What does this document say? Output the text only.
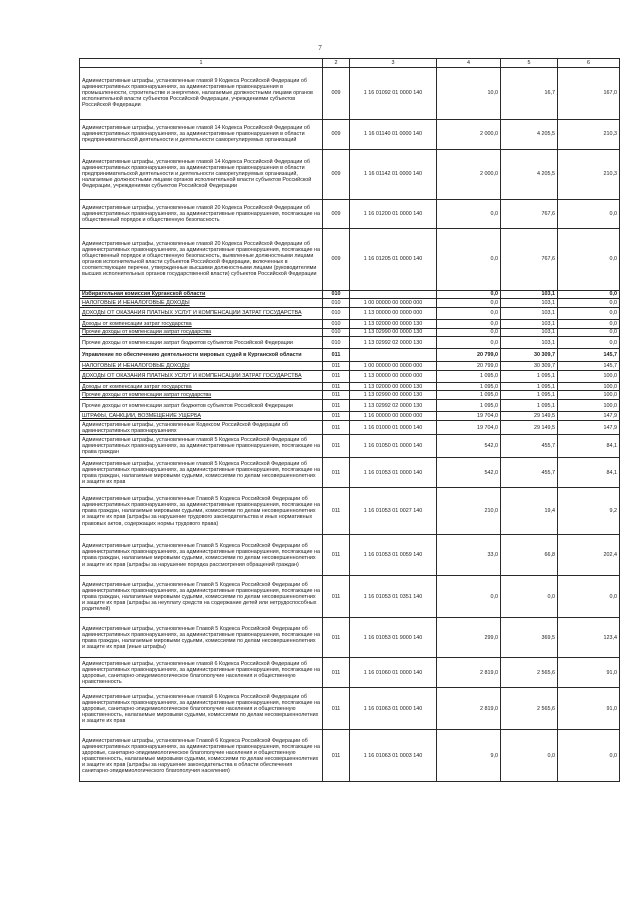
7
1	2	3	4	5	6
Административные штрафы, установленные главой 9 Кодекса Российской Федерации об административных правонарушениях, за административные правонарушения в промышленности, строительстве и энергетике, налагаемые должностными лицами органов исполнительной власти субъектов Российской Федерации, учреждениями субъектов Российской Федерации	009	1 16 01092 01 0000 140	10,0	16,7	167,0
Административные штрафы, установленные главой 14 Кодекса Российской Федерации об административных правонарушениях, за административные правонарушения в области предпринимательской деятельности и деятельности саморегулируемых организаций	009	1 16 01140 01 0000 140	2 000,0	4 205,5	210,3
Административные штрафы, установленные главой 14 Кодекса Российской Федерации об административных правонарушениях, за административные правонарушения в области предпринимательской деятельности и деятельности саморегулируемых организаций, налагаемые должностными лицами органов исполнительной власти субъектов Российской Федерации, учреждениями субъектов Российской Федерации	009	1 16 01142 01 0000 140	2 000,0	4 205,5	210,3
Административные штрафы, установленные главой 20 Кодекса Российской Федерации об административных правонарушениях, за административные правонарушения, посягающие на общественный порядок и общественную безопасность	009	1 16 01200 01 0000 140	0,0	767,6	0,0
Административные штрафы, установленные главой 20 Кодекса Российской Федерации об административных правонарушениях, за административные правонарушения, посягающие на общественный порядок и общественную безопасность, выявленные должностными лицами органов исполнительной власти субъектов Российской Федерации, включенных в соответствующие перечни, утвержденные высшими должностными лицами (руководителями высших исполнительных органов государственной власти) субъектов Российской Федерации	009	1 16 01205 01 0000 140	0,0	767,6	0,0
Избирательная комиссия Курганской области	010		0,0	103,1	0,0
НАЛОГОВЫЕ И НЕНАЛОГОВЫЕ ДОХОДЫ	010	1 00 00000 00 0000 000	0,0	103,1	0,0
ДОХОДЫ ОТ ОКАЗАНИЯ ПЛАТНЫХ УСЛУГ И КОМПЕНСАЦИИ ЗАТРАТ ГОСУДАРСТВА	010	1 13 00000 00 0000 000	0,0	103,1	0,0
Доходы от компенсации затрат государства	010	1 13 02000 00 0000 130	0,0	103,1	0,0
Прочие доходы от компенсации затрат государства	010	1 13 02990 00 0000 130	0,0	103,1	0,0
Прочие доходы от компенсации затрат бюджетов субъектов Российской Федерации	010	1 13 02992 02 0000 130	0,0	103,1	0,0
Управление по обеспечению деятельности мировых судей в Курганской области	011		20 799,0	30 309,7	145,7
НАЛОГОВЫЕ И НЕНАЛОГОВЫЕ ДОХОДЫ	011	1 00 00000 00 0000 000	20 799,0	30 309,7	145,7
ДОХОДЫ ОТ ОКАЗАНИЯ ПЛАТНЫХ УСЛУГ И КОМПЕНСАЦИИ ЗАТРАТ ГОСУДАРСТВА	011	1 13 00000 00 0000 000	1 095,0	1 095,1	100,0
Доходы от компенсации затрат государства	011	1 13 02000 00 0000 130	1 095,0	1 095,1	100,0
Прочие доходы от компенсации затрат государства	011	1 13 02990 00 0000 130	1 095,0	1 095,1	100,0
Прочие доходы от компенсации затрат бюджетов субъектов Российской Федерации	011	1 13 02992 02 0000 130	1 095,0	1 095,1	100,0
ШТРАФЫ, САНКЦИИ, ВОЗМЕЩЕНИЕ УЩЕРБА	011	1 16 00000 00 0000 000	19 704,0	29 149,5	147,9
Административные штрафы, установленные Кодексом Российской Федерации об административных правонарушениях	011	1 16 01000 01 0000 140	19 704,0	29 149,5	147,9
Административные штрафы, установленные главой 5 Кодекса Российской Федерации об административных правонарушениях, за административные правонарушения, посягающие на права граждан	011	1 16 01050 01 0000 140	542,0	455,7	84,1
Административные штрафы, установленные главой 5 Кодекса Российской Федерации об административных правонарушениях, за административные правонарушения, посягающие на права граждан, налагаемые мировыми судьями, комиссиями по делам несовершеннолетних и защите их прав	011	1 16 01053 01 0000 140	542,0	455,7	84,1
Административные штрафы, установленные Главой 5 Кодекса Российской Федерации об административных правонарушениях, за административные правонарушения, посягающие на права граждан, налагаемые мировыми судьями, комиссиями по делам несовершеннолетних и защите их прав (штрафы за нарушение трудового законодательства и иных нормативных правовых актов, содержащих нормы трудового права)	011	1 16 01053 01 0027 140	210,0	19,4	9,2
Административные штрафы, установленные Главой 5 Кодекса Российской Федерации об административных правонарушениях, за административные правонарушения, посягающие на права граждан, налагаемые мировыми судьями, комиссиями по делам несовершеннолетних и защите их прав (штрафы за нарушение порядка рассмотрения обращений граждан)	011	1 16 01053 01 0059 140	33,0	66,8	202,4
Административные штрафы, установленные Главой 5 Кодекса Российской Федерации об административных правонарушениях, за административные правонарушения, посягающие на права граждан, налагаемые мировыми судьями, комиссиями по делам несовершеннолетних и защите их прав (штрафы за неуплату средств на содержание детей или нетрудоспособных родителей)	011	1 16 01053 01 0351 140	0,0	0,0	0,0
Административные штрафы, установленные Главой 5 Кодекса Российской Федерации об административных правонарушениях, за административные правонарушения, посягающие на права граждан, налагаемые мировыми судьями, комиссиями по делам несовершеннолетних и защите их прав (иные штрафы)	011	1 16 01053 01 9000 140	299,0	369,5	123,4
Административные штрафы, установленные главой 6 Кодекса Российской Федерации об административных правонарушениях, за административные правонарушения, посягающие на здоровье, санитарно-эпидемиологическое благополучие населения и общественную нравственность	011	1 16 01060 01 0000 140	2 819,0	2 565,6	91,0
Административные штрафы, установленные главой 6 Кодекса Российской Федерации об административных правонарушениях, за административные правонарушения, посягающие на здоровье, санитарно-эпидемиологическое благополучие населения и общественную нравственность, налагаемые мировыми судьями, комиссиями по делам несовершеннолетних и защите их прав	011	1 16 01063 01 0000 140	2 819,0	2 565,6	91,0
Административные штрафы, установленные Главой 6 Кодекса Российской Федерации об административных правонарушениях, за административные правонарушения, посягающие на здоровье, санитарно-эпидемиологическое благополучие населения и общественную нравственность, налагаемые мировыми судьями, комиссиями по делам несовершеннолетних и защите их прав (штрафы за нарушение законодательства в области обеспечения санитарно-эпидемиологического благополучия населения)	011	1 16 01063 01 0003 140	9,0	0,0	0,0
